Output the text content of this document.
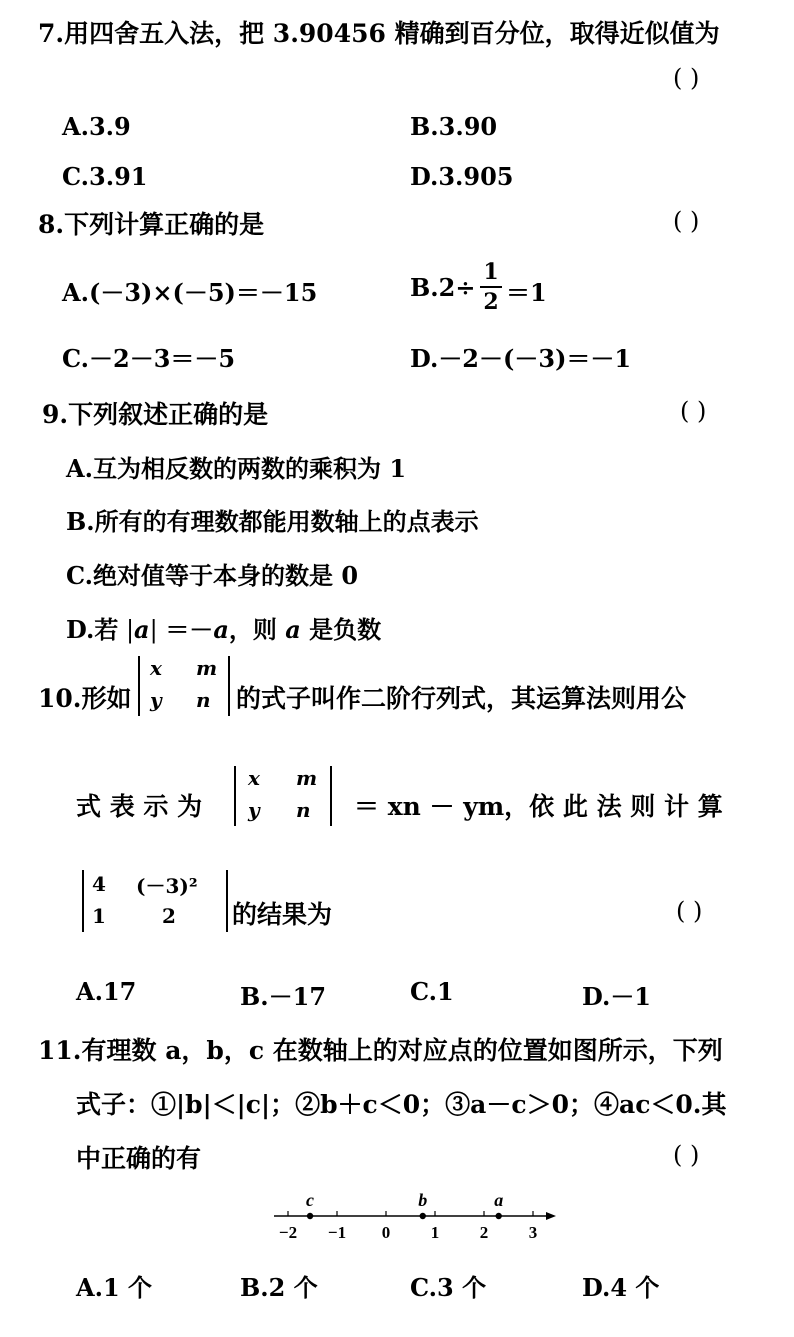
7.用四舍五入法，把 3.90456 精确到百分位，取得近似值为
( )
A.3.9	B.3.90
C.3.91	D.3.905
8.下列计算正确的是	( )
A.(－3)×(－5)＝－15	B.2÷
1
2 ＝1
C.－2－3＝－5	D.－2－(－3)＝－1
9.下列叙述正确的是	( )
A.互为相反数的两数的乘积为 1
B.所有的有理数都能用数轴上的点表示
C.绝对值等于本身的数是 0
D.若 |a| ＝－a，则 a 是负数
10.形如
x m
y n 的式子叫作二阶行列式，其运算法则用公
式 表 示 为
x m
y n ＝ xn － ym，依 此 法 则 计 算
4 (－3)²
1	2 的结果为	( )
A.17	B.－17	C.1	D.－1
11.有理数 a，b，c 在数轴上的对应点的位置如图所示，下列
式子：①|b|＜|c|；②b＋c＜0；③a－c＞0；④ac＜0.其
中正确的有	( )
−2 −1 0 1 2 3
c	b	a
A.1 个	B.2 个	C.3 个	D.4 个
